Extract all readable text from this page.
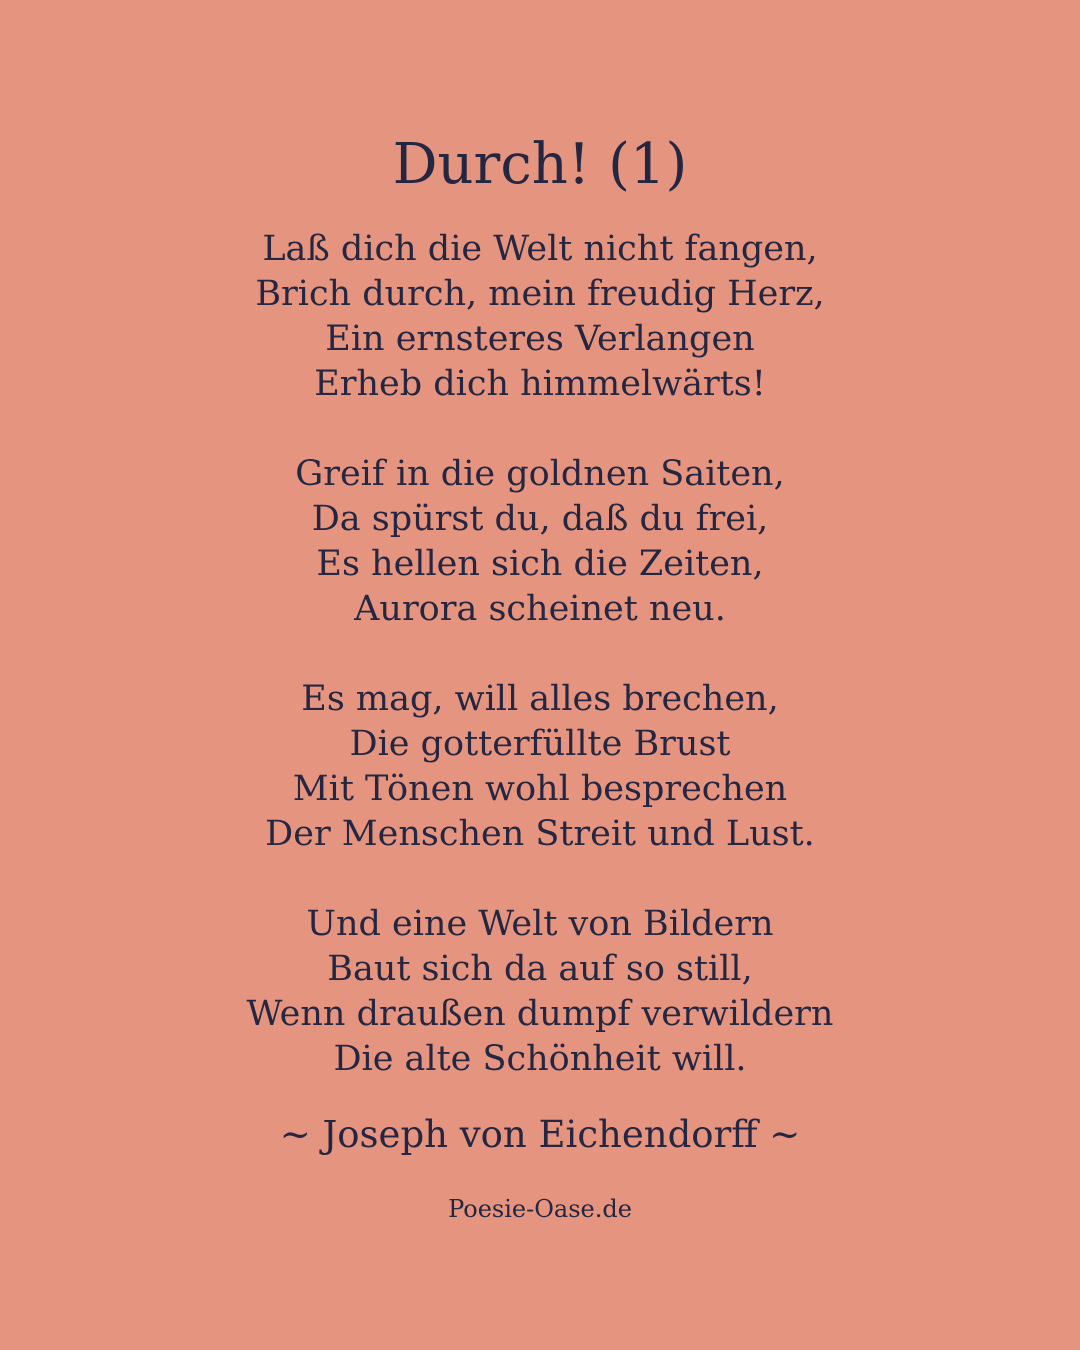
Durch! (1)
Laß dich die Welt nicht fangen,
Brich durch, mein freudig Herz,
Ein ernsteres Verlangen
Erheb dich himmelwärts!
Greif in die goldnen Saiten,
Da spürst du, daß du frei,
Es hellen sich die Zeiten,
Aurora scheinet neu.
Es mag, will alles brechen,
Die gotterfüllte Brust
Mit Tönen wohl besprechen
Der Menschen Streit und Lust.
Und eine Welt von Bildern
Baut sich da auf so still,
Wenn draußen dumpf verwildern
Die alte Schönheit will.
~ Joseph von Eichendorff ~
Poesie-Oase.de
